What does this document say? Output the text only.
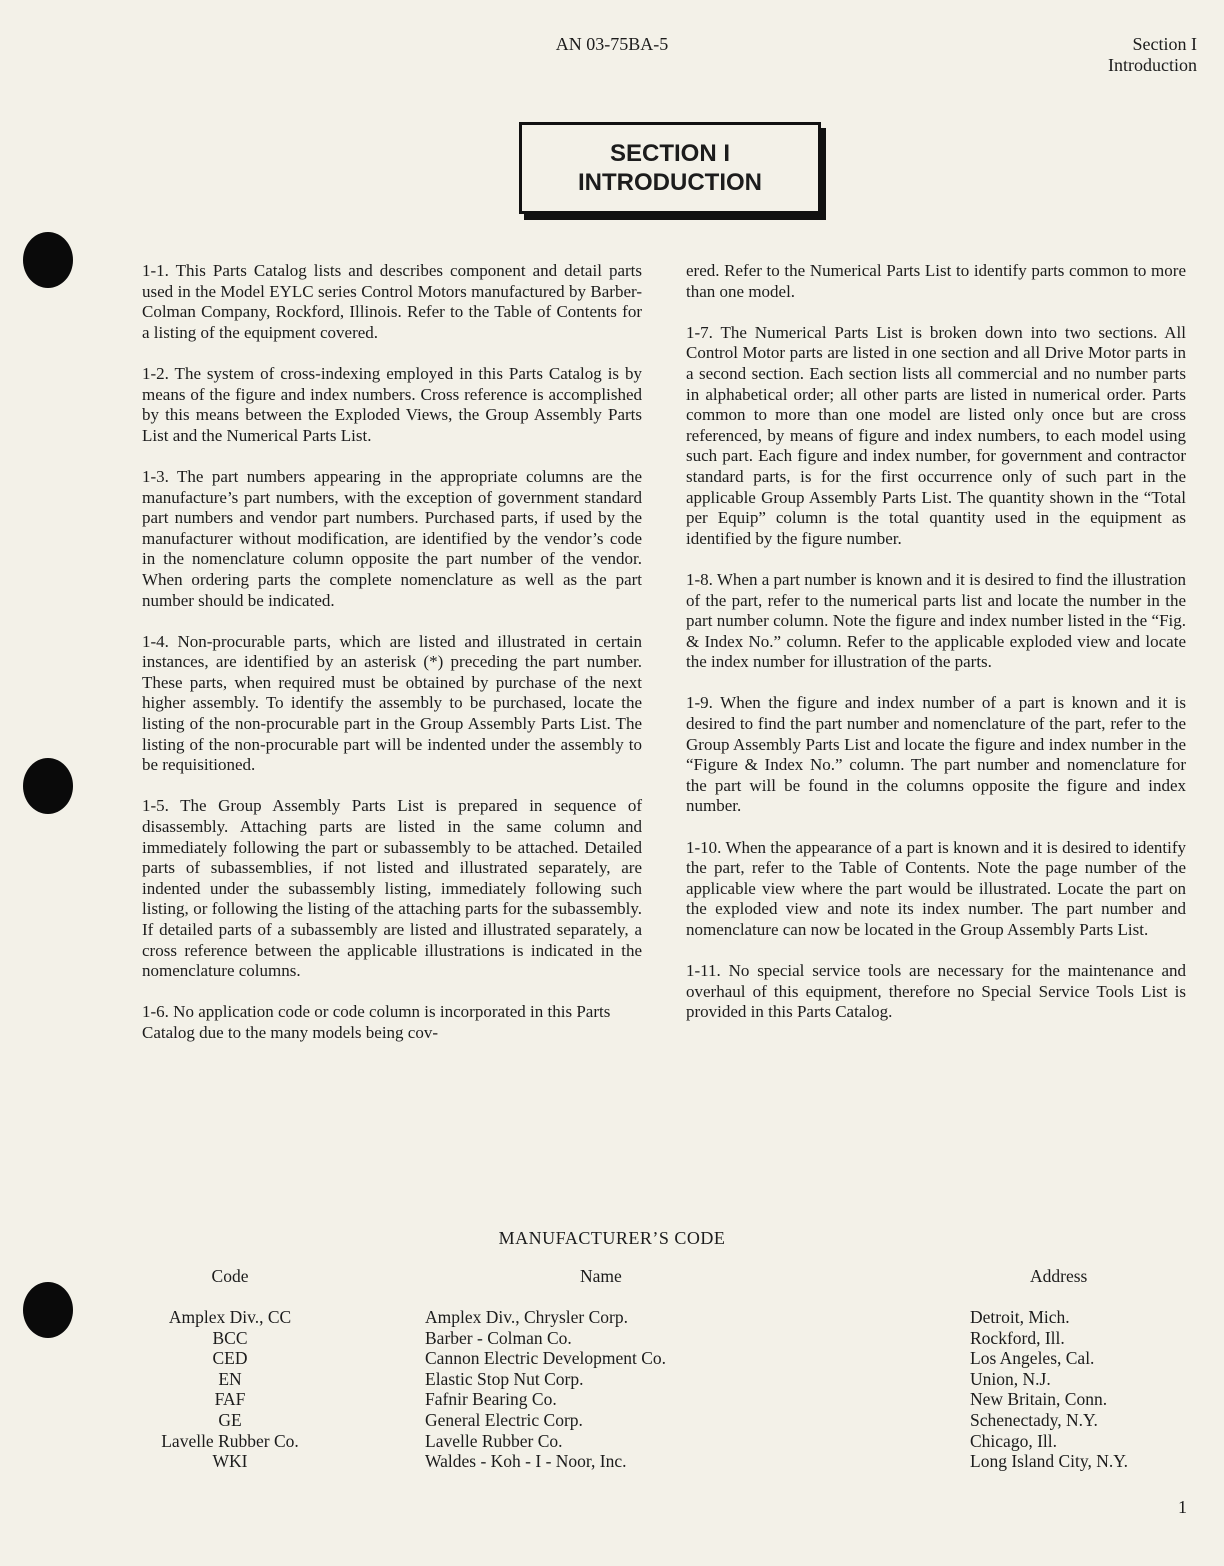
AN 03-75BA-5	Section I
Introduction
SECTION I
INTRODUCTION

1-1. This Parts Catalog lists and describes component and detail parts used in the Model EYLC series Control Motors manufactured by Barber-Colman Company, Rockford, Illinois. Refer to the Table of Contents for a listing of the equipment covered.

1-2. The system of cross-indexing employed in this Parts Catalog is by means of the figure and index numbers. Cross reference is accomplished by this means between the Exploded Views, the Group Assembly Parts List and the Numerical Parts List.

1-3. The part numbers appearing in the appropriate columns are the manufacture’s part numbers, with the exception of government standard part numbers and vendor part numbers. Purchased parts, if used by the manufacturer without modification, are identified by the vendor’s code in the nomenclature column opposite the part number of the vendor. When ordering parts the complete nomenclature as well as the part number should be indicated.

1-4. Non-procurable parts, which are listed and illustrated in certain instances, are identified by an asterisk (*) preceding the part number. These parts, when required must be obtained by purchase of the next higher assembly. To identify the assembly to be purchased, locate the listing of the non-procurable part in the Group Assembly Parts List. The listing of the non-procurable part will be indented under the assembly to be requisitioned.

1-5. The Group Assembly Parts List is prepared in sequence of disassembly. Attaching parts are listed in the same column and immediately following the part or subassembly to be attached. Detailed parts of subassemblies, if not listed and illustrated separately, are indented under the subassembly listing, immediately following such listing, or following the listing of the attaching parts for the subassembly. If detailed parts of a subassembly are listed and illustrated separately, a cross reference between the applicable illustrations is indicated in the nomenclature columns.

1-6. No application code or code column is incorporated in this Parts Catalog due to the many models being cov-

ered. Refer to the Numerical Parts List to identify parts common to more than one model.

1-7. The Numerical Parts List is broken down into two sections. All Control Motor parts are listed in one section and all Drive Motor parts in a second section. Each section lists all commercial and no number parts in alphabetical order; all other parts are listed in numerical order. Parts common to more than one model are listed only once but are cross referenced, by means of figure and index numbers, to each model using such part. Each figure and index number, for government and contractor standard parts, is for the first occurrence only of such part in the applicable Group Assembly Parts List. The quantity shown in the “Total per Equip” column is the total quantity used in the equipment as identified by the figure number.

1-8. When a part number is known and it is desired to find the illustration of the part, refer to the numerical parts list and locate the number in the part number column. Note the figure and index number listed in the “Fig. & Index No.” column. Refer to the applicable exploded view and locate the index number for illustration of the parts.

1-9. When the figure and index number of a part is known and it is desired to find the part number and nomenclature of the part, refer to the Group Assembly Parts List and locate the figure and index number in the “Figure & Index No.” column. The part number and nomenclature for the part will be found in the columns opposite the figure and index number.

1-10. When the appearance of a part is known and it is desired to identify the part, refer to the Table of Contents. Note the page number of the applicable view where the part would be illustrated. Locate the part on the exploded view and note its index number. The part number and nomenclature can now be located in the Group Assembly Parts List.

1-11. No special service tools are necessary for the maintenance and overhaul of this equipment, therefore no Special Service Tools List is provided in this Parts Catalog.

MANUFACTURER’S CODE
Code	Name	Address
Amplex Div., CC	Amplex Div., Chrysler Corp.	Detroit, Mich.
BCC	Barber - Colman Co.	Rockford, Ill.
CED	Cannon Electric Development Co.	Los Angeles, Cal.
EN	Elastic Stop Nut Corp.	Union, N.J.
FAF	Fafnir Bearing Co.	New Britain, Conn.
GE	General Electric Corp.	Schenectady, N.Y.
Lavelle Rubber Co.	Lavelle Rubber Co.	Chicago, Ill.
WKI	Waldes - Koh - I - Noor, Inc.	Long Island City, N.Y.
1
